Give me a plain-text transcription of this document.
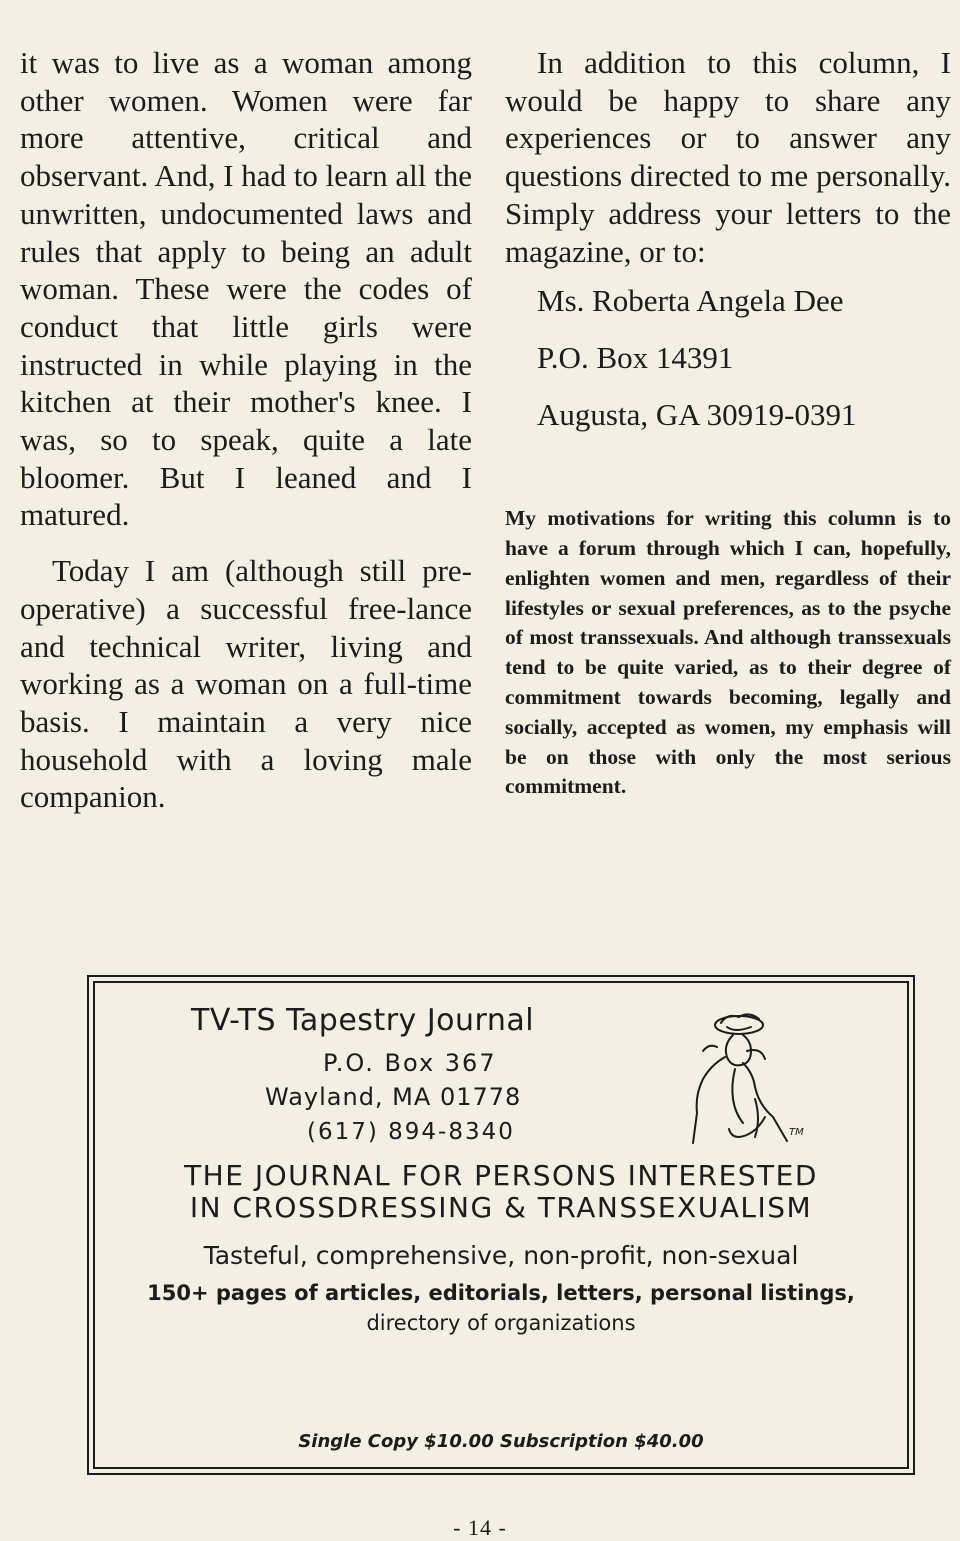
it was to live as a woman among other women. Women were far more attentive, critical and observant. And, I had to learn all the unwritten, undocumented laws and rules that apply to being an adult woman. These were the codes of conduct that little girls were instructed in while playing in the kitchen at their mother's knee. I was, so to speak, quite a late bloomer. But I leaned and I matured.

Today I am (although still pre-operative) a successful free-lance and technical writer, living and working as a woman on a full-time basis. I maintain a very nice household with a loving male companion.

In addition to this column, I would be happy to share any experiences or to answer any questions directed to me personally. Simply address your letters to the magazine, or to:

Ms. Roberta Angela Dee
P.O. Box 14391
Augusta, GA 30919-0391
My motivations for writing this column is to have a forum through which I can, hopefully, enlighten women and men, regardless of their lifestyles or sexual preferences, as to the psyche of most transsexuals. And although transsexuals tend to be quite varied, as to their degree of commitment towards becoming, legally and socially, accepted as women, my emphasis will be on those with only the most serious commitment.
TV-TS Tapestry Journal
P.O. Box 367
Wayland, MA 01778
(617) 894-8340	TM
THE JOURNAL FOR PERSONS INTERESTED
IN CROSSDRESSING & TRANSSEXUALISM
Tasteful, comprehensive, non-profit, non-sexual
150+ pages of articles, editorials, letters, personal listings,
directory of organizations
Single Copy $10.00 Subscription $40.00
- 14 -
